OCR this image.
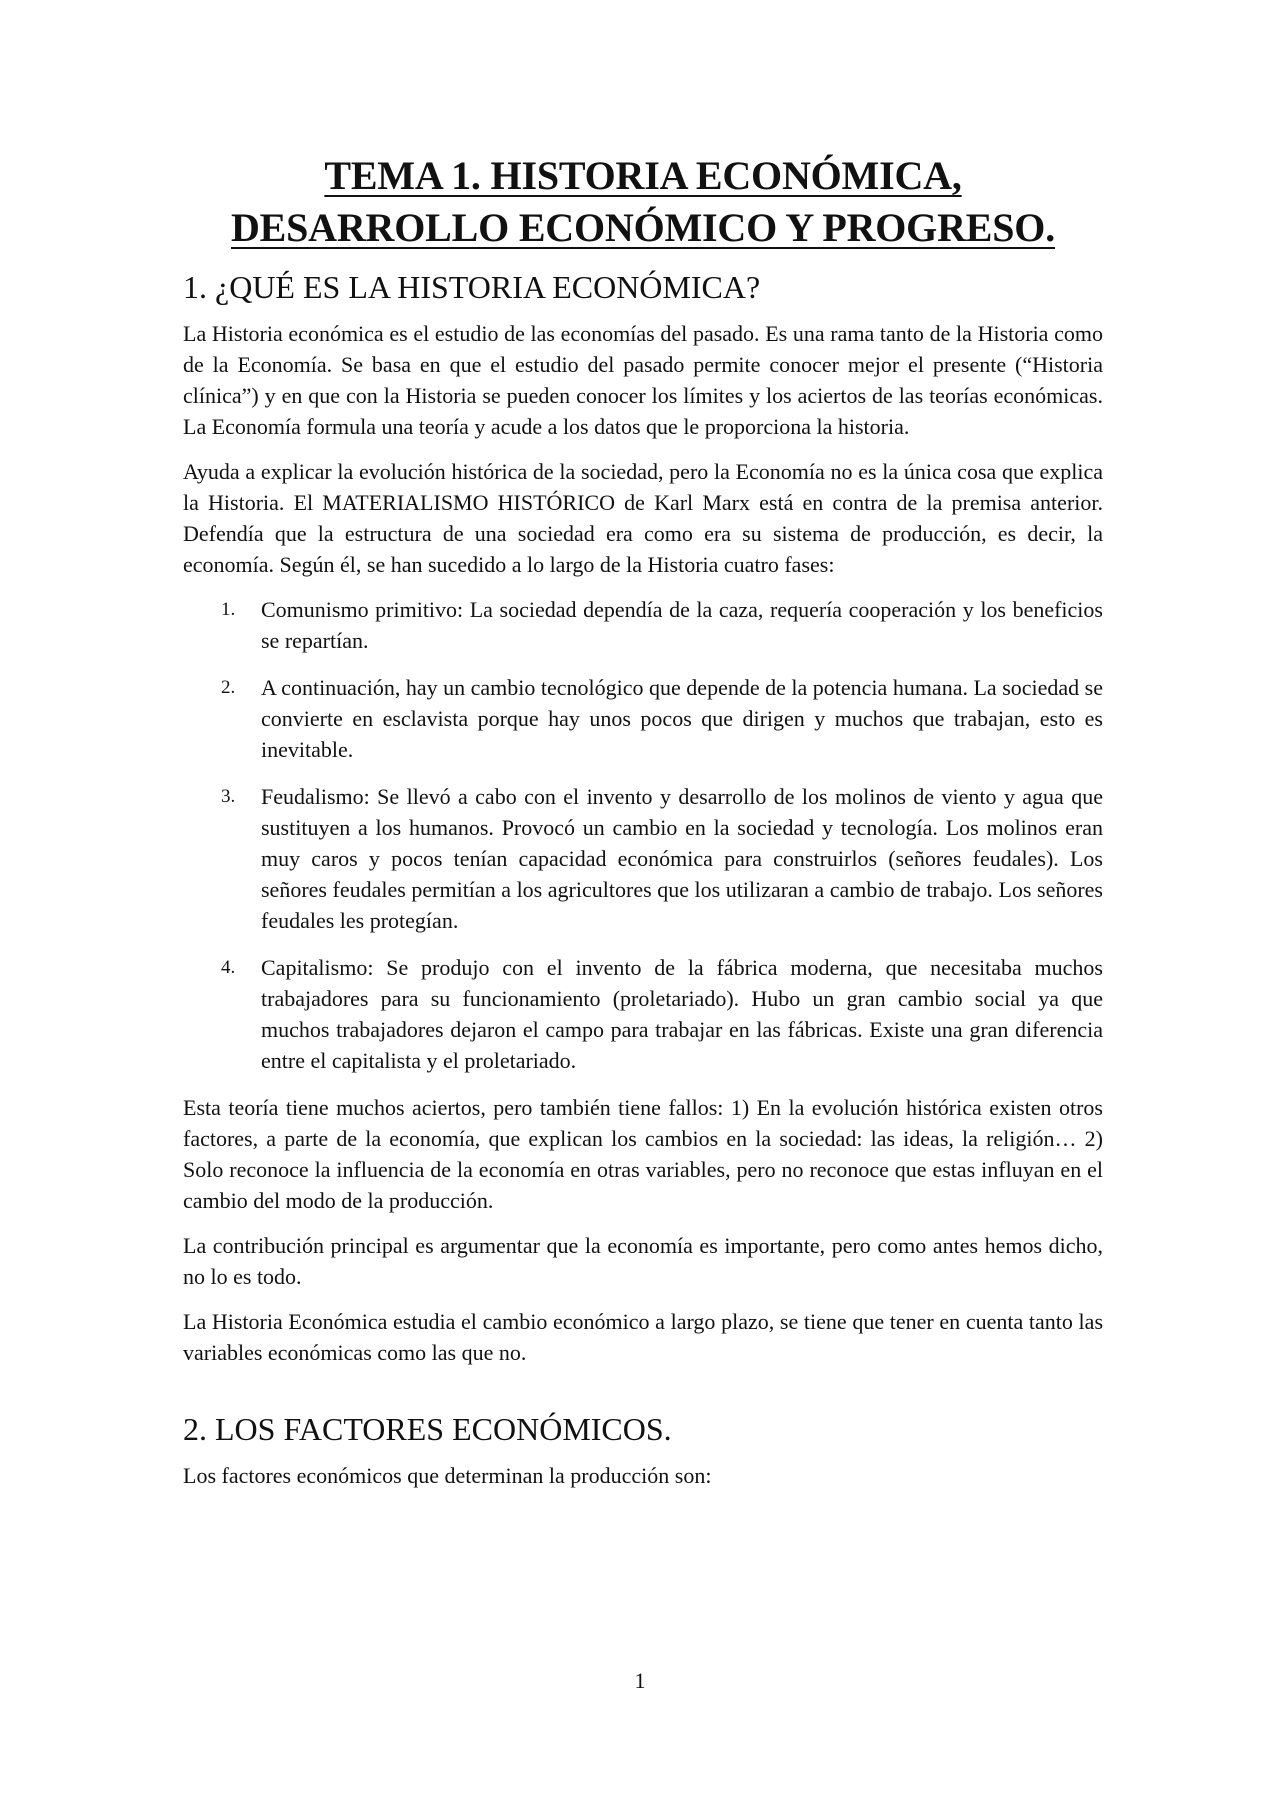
TEMA 1. HISTORIA ECONÓMICA,
DESARROLLO ECONÓMICO Y PROGRESO.
1. ¿QUÉ ES LA HISTORIA ECONÓMICA?

La Historia económica es el estudio de las economías del pasado. Es una rama tanto de la Historia como de la Economía. Se basa en que el estudio del pasado permite conocer mejor el presente (“Historia clínica”) y en que con la Historia se pueden conocer los límites y los aciertos de las teorías económicas. La Economía formula una teoría y acude a los datos que le proporciona la historia.

Ayuda a explicar la evolución histórica de la sociedad, pero la Economía no es la única cosa que explica la Historia. El MATERIALISMO HISTÓRICO de Karl Marx está en contra de la premisa anterior. Defendía que la estructura de una sociedad era como era su sistema de producción, es decir, la economía. Según él, se han sucedido a lo largo de la Historia cuatro fases:

1. Comunismo primitivo: La sociedad dependía de la caza, requería cooperación y los beneficios se repartían.
2. A continuación, hay un cambio tecnológico que depende de la potencia humana. La sociedad se convierte en esclavista porque hay unos pocos que dirigen y muchos que trabajan, esto es inevitable.
3. Feudalismo: Se llevó a cabo con el invento y desarrollo de los molinos de viento y agua que sustituyen a los humanos. Provocó un cambio en la sociedad y tecnología. Los molinos eran muy caros y pocos tenían capacidad económica para construirlos (señores feudales). Los señores feudales permitían a los agricultores que los utilizaran a cambio de trabajo. Los señores feudales les protegían.
4. Capitalismo: Se produjo con el invento de la fábrica moderna, que necesitaba muchos trabajadores para su funcionamiento (proletariado). Hubo un gran cambio social ya que muchos trabajadores dejaron el campo para trabajar en las fábricas. Existe una gran diferencia entre el capitalista y el proletariado.

Esta teoría tiene muchos aciertos, pero también tiene fallos: 1) En la evolución histórica existen otros factores, a parte de la economía, que explican los cambios en la sociedad: las ideas, la religión… 2) Solo reconoce la influencia de la economía en otras variables, pero no reconoce que estas influyan en el cambio del modo de la producción.

La contribución principal es argumentar que la economía es importante, pero como antes hemos dicho, no lo es todo.

La Historia Económica estudia el cambio económico a largo plazo, se tiene que tener en cuenta tanto las variables económicas como las que no.

2. LOS FACTORES ECONÓMICOS.

Los factores económicos que determinan la producción son:

1
